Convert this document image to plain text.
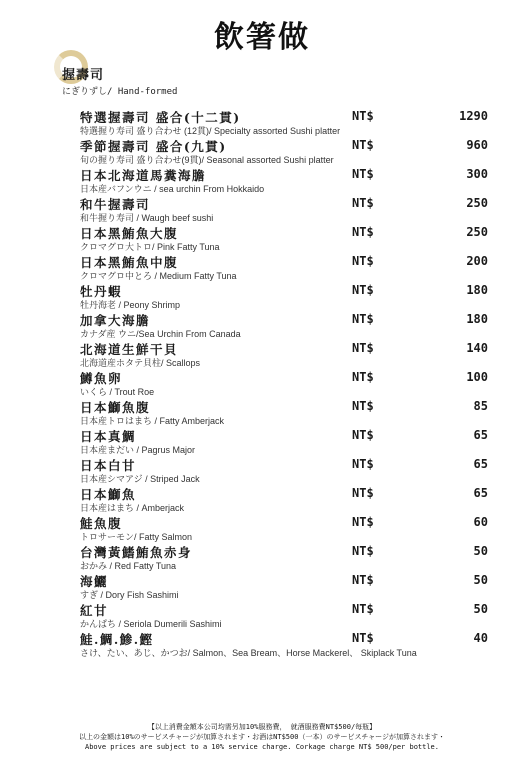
飲箸做
握壽司
にぎりずし/ Hand-formed
特選握壽司 盛合(十二貫)
特選握り寿司 盛り合わせ (12貫)/ Specialty assorted Sushi platter
NT$	1290
季節握壽司 盛合(九貫)
旬の握り寿司 盛り合わせ(9貫)/ Seasonal assorted Sushi platter
NT$	960
日本北海道馬糞海膽
日本産バフンウニ / sea urchin From Hokkaido
NT$	300
和牛握壽司
和牛握り寿司 / Waugh beef sushi
NT$	250
日本黑鮪魚大腹
クロマグロ大トロ/ Pink Fatty Tuna
NT$	250
日本黑鮪魚中腹
クロマグロ中とろ / Medium Fatty Tuna
NT$	200
牡丹蝦
牡丹海老 / Peony Shrimp
NT$	180
加拿大海膽
カナダ産 ウニ/Sea Urchin From Canada
NT$	180
北海道生鮮干貝
北海道産ホタテ貝柱/ Scallops
NT$	140
鱒魚卵
いくら / Trout Roe
NT$	100
日本鰤魚腹
日本産トロはまち / Fatty Amberjack
NT$	85
日本真鯛
日本産まだい / Pagrus Major
NT$	65
日本白甘
日本産シマアジ / Striped Jack
NT$	65
日本鰤魚
日本産はまち / Amberjack
NT$	65
鮭魚腹
トロサーモン/ Fatty Salmon
NT$	60
台灣黃鰭鮪魚赤身
おかみ / Red Fatty Tuna
NT$	50
海鱺
すぎ / Dory Fish Sashimi
NT$	50
紅甘
かんぱち / Seriola Dumerili Sashimi
NT$	50
鮭.鯛.鯵.鰹
さけ、たい、あじ、かつお/ Salmon、Sea Bream、Horse Mackerel、 Skiplack Tuna
NT$	40
【以上消費金額本公司均需另加10%服務費， 就酒服務費NT$500/每瓶】
以上の金額は10%のサービスチャージが加算されます・お酒はNT$500（一本）のサービスチャージが加算されます・
Above prices are subject to a 10% service charge. Corkage charge NT$ 500/per bottle.
